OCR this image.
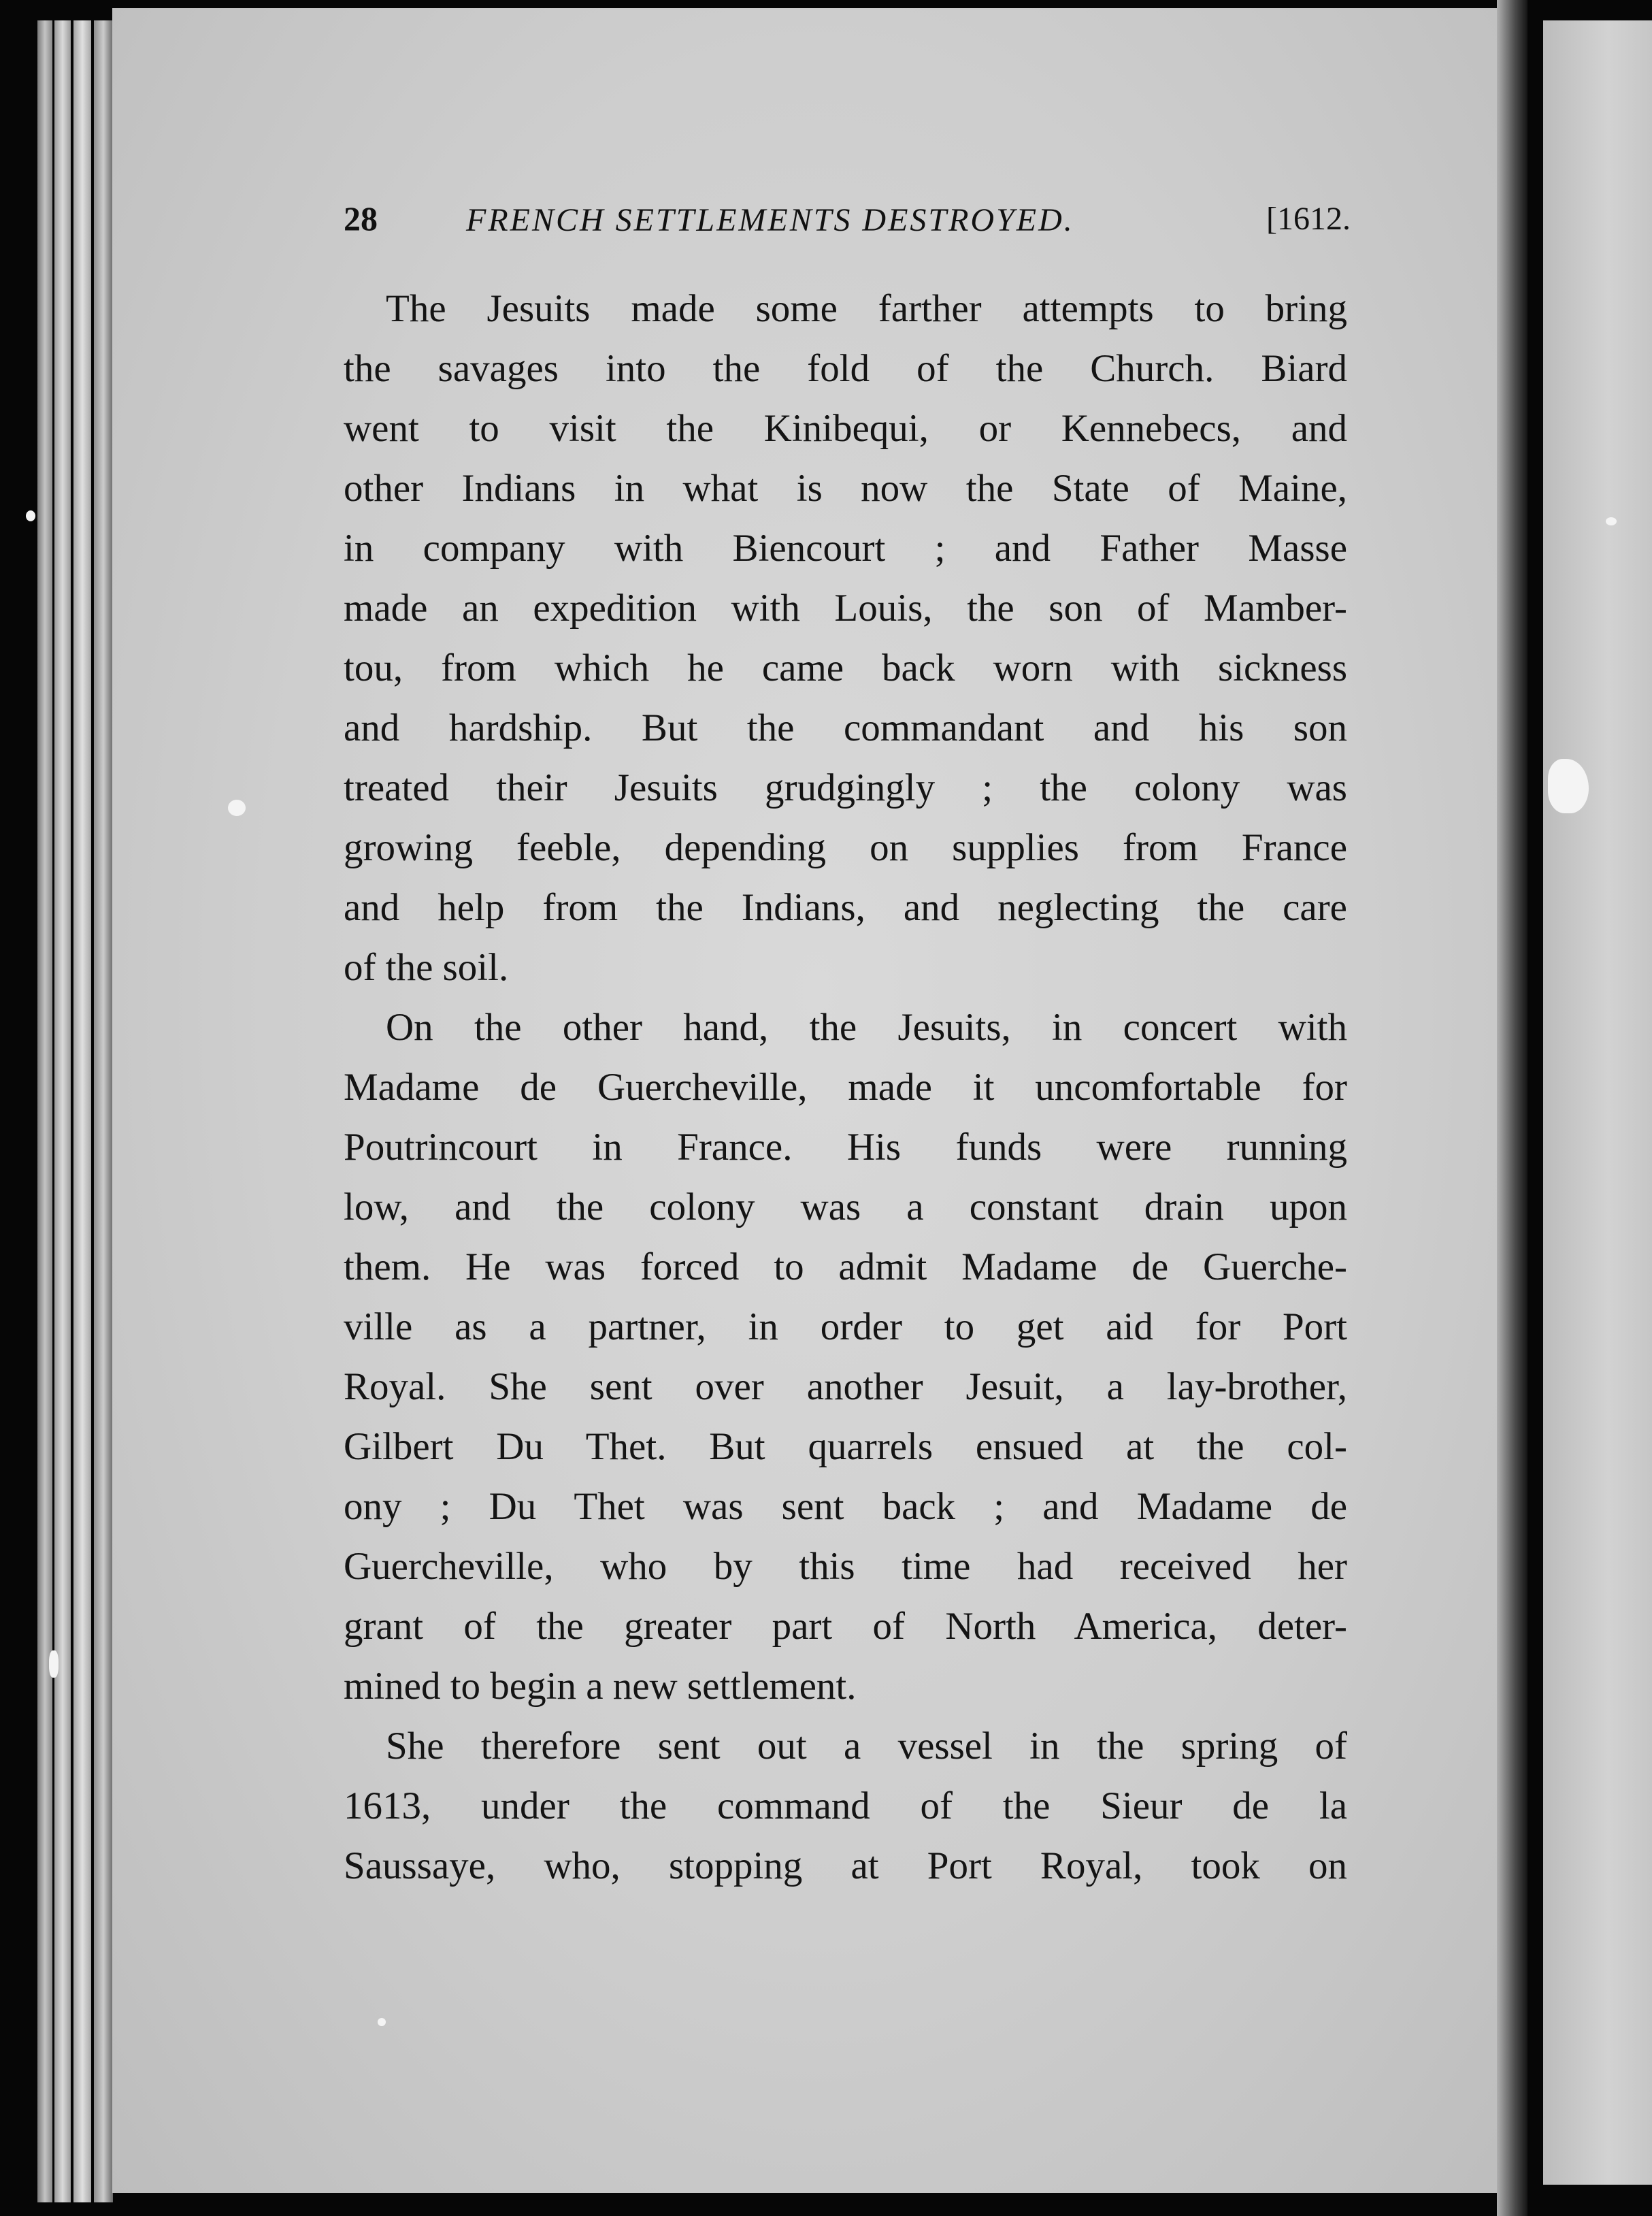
28	FRENCH SETTLEMENTS DESTROYED.	[1612.
The Jesuits made some farther attempts to bring
the savages into the fold of the Church. Biard
went to visit the Kinibequi, or Kennebecs, and
other Indians in what is now the State of Maine,
in company with Biencourt ; and Father Masse
made an expedition with Louis, the son of Mamber-
tou, from which he came back worn with sickness
and hardship. But the commandant and his son
treated their Jesuits grudgingly ; the colony was
growing feeble, depending on supplies from France
and help from the Indians, and neglecting the care
of the soil.
On the other hand, the Jesuits, in concert with
Madame de Guercheville, made it uncomfortable for
Poutrincourt in France. His funds were running
low, and the colony was a constant drain upon
them. He was forced to admit Madame de Guerche-
ville as a partner, in order to get aid for Port
Royal. She sent over another Jesuit, a lay-brother,
Gilbert Du Thet. But quarrels ensued at the col-
ony ; Du Thet was sent back ; and Madame de
Guercheville, who by this time had received her
grant of the greater part of North America, deter-
mined to begin a new settlement.
She therefore sent out a vessel in the spring of
1613, under the command of the Sieur de la
Saussaye, who, stopping at Port Royal, took on
